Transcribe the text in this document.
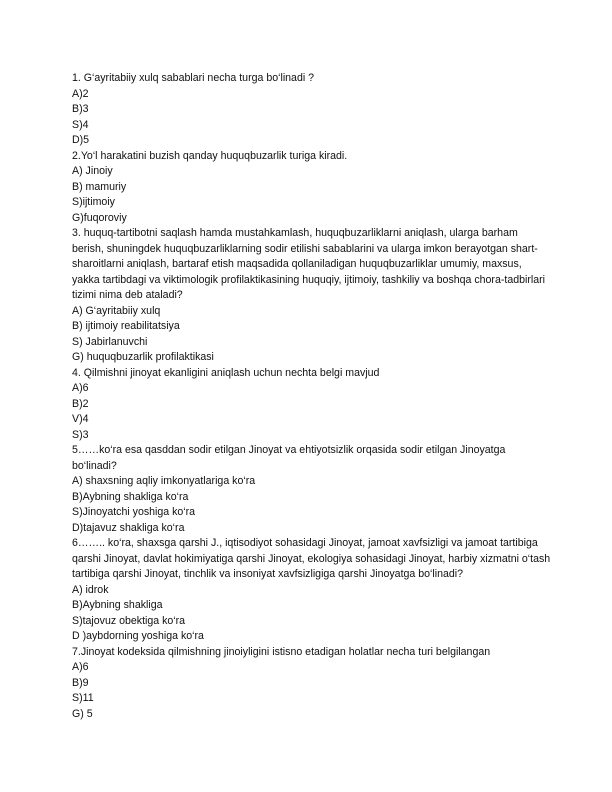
1. G‘ayritabiiy xulq sabablari necha turga bo‘linadi ?
A)2
B)3
S)4
D)5
2.Yo‘l harakatini buzish qanday huquqbuzarlik turiga kiradi.
A) Jinoiy
B) mamuriy
S)ijtimoiy
G)fuqoroviy
3. huquq-tartibotni saqlash hamda mustahkamlash, huquqbuzarliklarni aniqlash, ularga barham berish, shuningdek huquqbuzarliklarning sodir etilishi sabablarini va ularga imkon berayotgan shart-sharoitlarni aniqlash, bartaraf etish maqsadida qollaniladigan huquqbuzarliklar umumiy, maxsus, yakka tartibdagi va viktimologik profilaktikasining huquqiy, ijtimoiy, tashkiliy va boshqa chora-tadbirlari tizimi nima deb ataladi?
A) G‘ayritabiiy xulq
B) ijtimoiy reabilitatsiya
S) Jabirlanuvchi
G) huquqbuzarlik profilaktikasi
4. Qilmishni jinoyat ekanligini aniqlash uchun nechta belgi mavjud
A)6
B)2
V)4
S)3
5……ko‘ra esa qasddan sodir etilgan Jinoyat va ehtiyotsizlik orqasida sodir etilgan Jinoyatga bo‘linadi?
A) shaxsning aqliy imkonyatlariga ko‘ra
B)Aybning shakliga ko‘ra
S)Jinoyatchi yoshiga ko‘ra
D)tajavuz shakliga ko‘ra
6…….. ko‘ra, shaxsga qarshi J., iqtisodiyot sohasidagi Jinoyat, jamoat xavfsizligi va jamoat tartibiga qarshi Jinoyat, davlat hokimiyatiga qarshi Jinoyat, ekologiya sohasidagi Jinoyat, harbiy xizmatni o‘tash tartibiga qarshi Jinoyat, tinchlik va insoniyat xavfsizligiga qarshi Jinoyatga bo‘linadi?
A) idrok
B)Aybning shakliga
S)tajovuz obektiga ko‘ra
D )aybdorning yoshiga ko‘ra
7.Jinoyat kodeksida qilmishning jinoiyligini istisno etadigan holatlar necha turi belgilangan
A)6
B)9
S)11
G) 5
